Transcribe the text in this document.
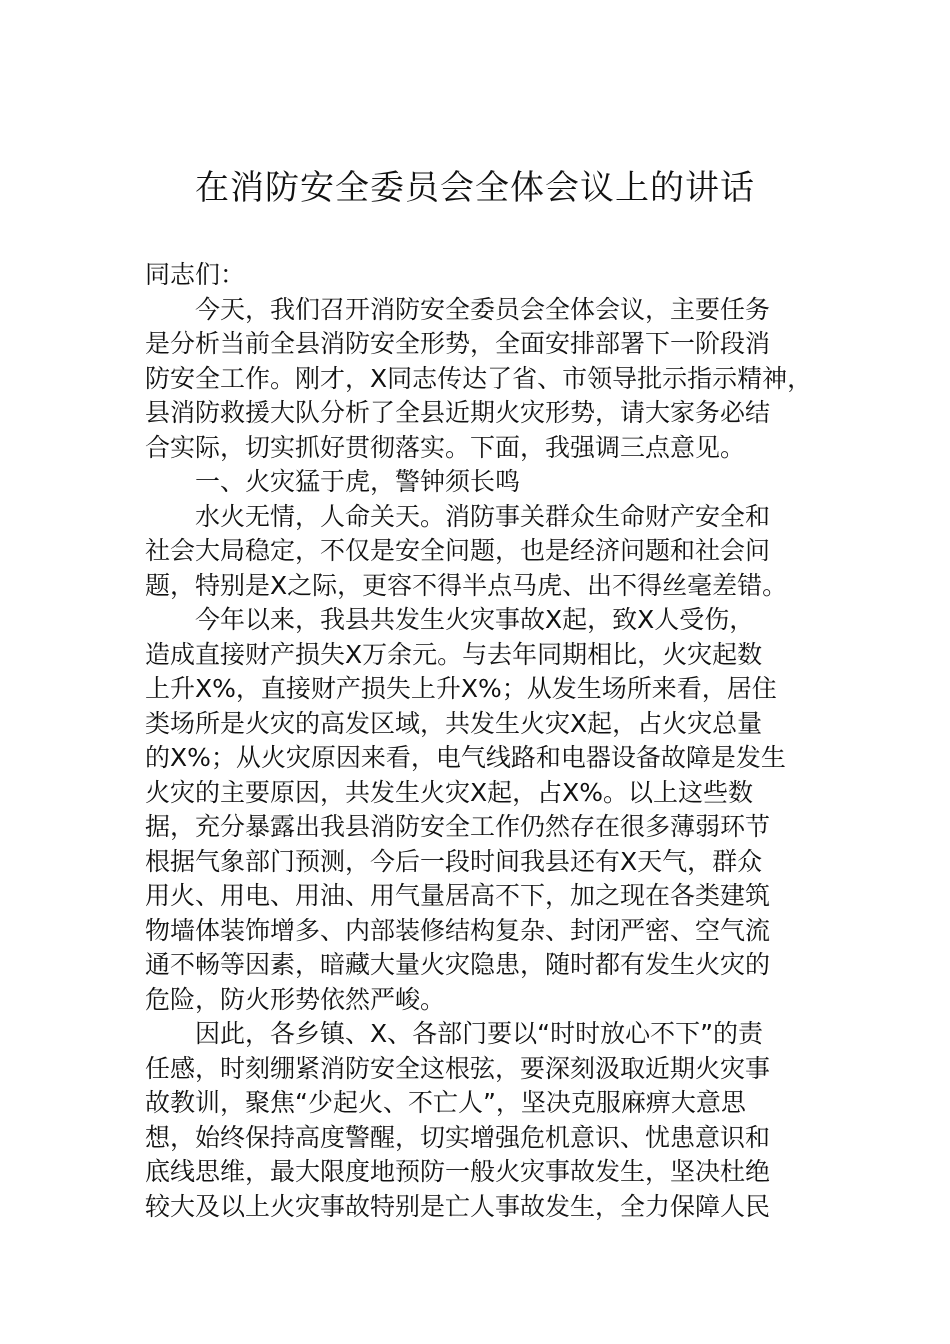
在消防安全委员会全体会议上的讲话

同志们：

今天，我们召开消防安全委员会全体会议，主要任务

是分析当前全县消防安全形势，全面安排部署下一阶段消

防安全工作。刚才，X同志传达了省、市领导批示指示精神，

县消防救援大队分析了全县近期火灾形势，请大家务必结

合实际，切实抓好贯彻落实。下面，我强调三点意见。

一、火灾猛于虎，警钟须长鸣

水火无情，人命关天。消防事关群众生命财产安全和

社会大局稳定，不仅是安全问题，也是经济问题和社会问

题，特别是X之际，更容不得半点马虎、出不得丝毫差错。

今年以来，我县共发生火灾事故X起，致X人受伤，

造成直接财产损失X万余元。与去年同期相比，火灾起数

上升X%，直接财产损失上升X%；从发生场所来看，居住

类场所是火灾的高发区域，共发生火灾X起，占火灾总量

的X%；从火灾原因来看，电气线路和电器设备故障是发生

火灾的主要原因，共发生火灾X起，占X%。以上这些数

据，充分暴露出我县消防安全工作仍然存在很多薄弱环节

根据气象部门预测，今后一段时间我县还有X天气，群众

用火、用电、用油、用气量居高不下，加之现在各类建筑

物墙体装饰增多、内部装修结构复杂、封闭严密、空气流

通不畅等因素，暗藏大量火灾隐患，随时都有发生火灾的

危险，防火形势依然严峻。

因此，各乡镇、X、各部门要以“时时放心不下”的责

任感，时刻绷紧消防安全这根弦，要深刻汲取近期火灾事

故教训，聚焦“少起火、不亡人”，坚决克服麻痹大意思

想，始终保持高度警醒，切实增强危机意识、忧患意识和

底线思维，最大限度地预防一般火灾事故发生，坚决杜绝

较大及以上火灾事故特别是亡人事故发生，全力保障人民
